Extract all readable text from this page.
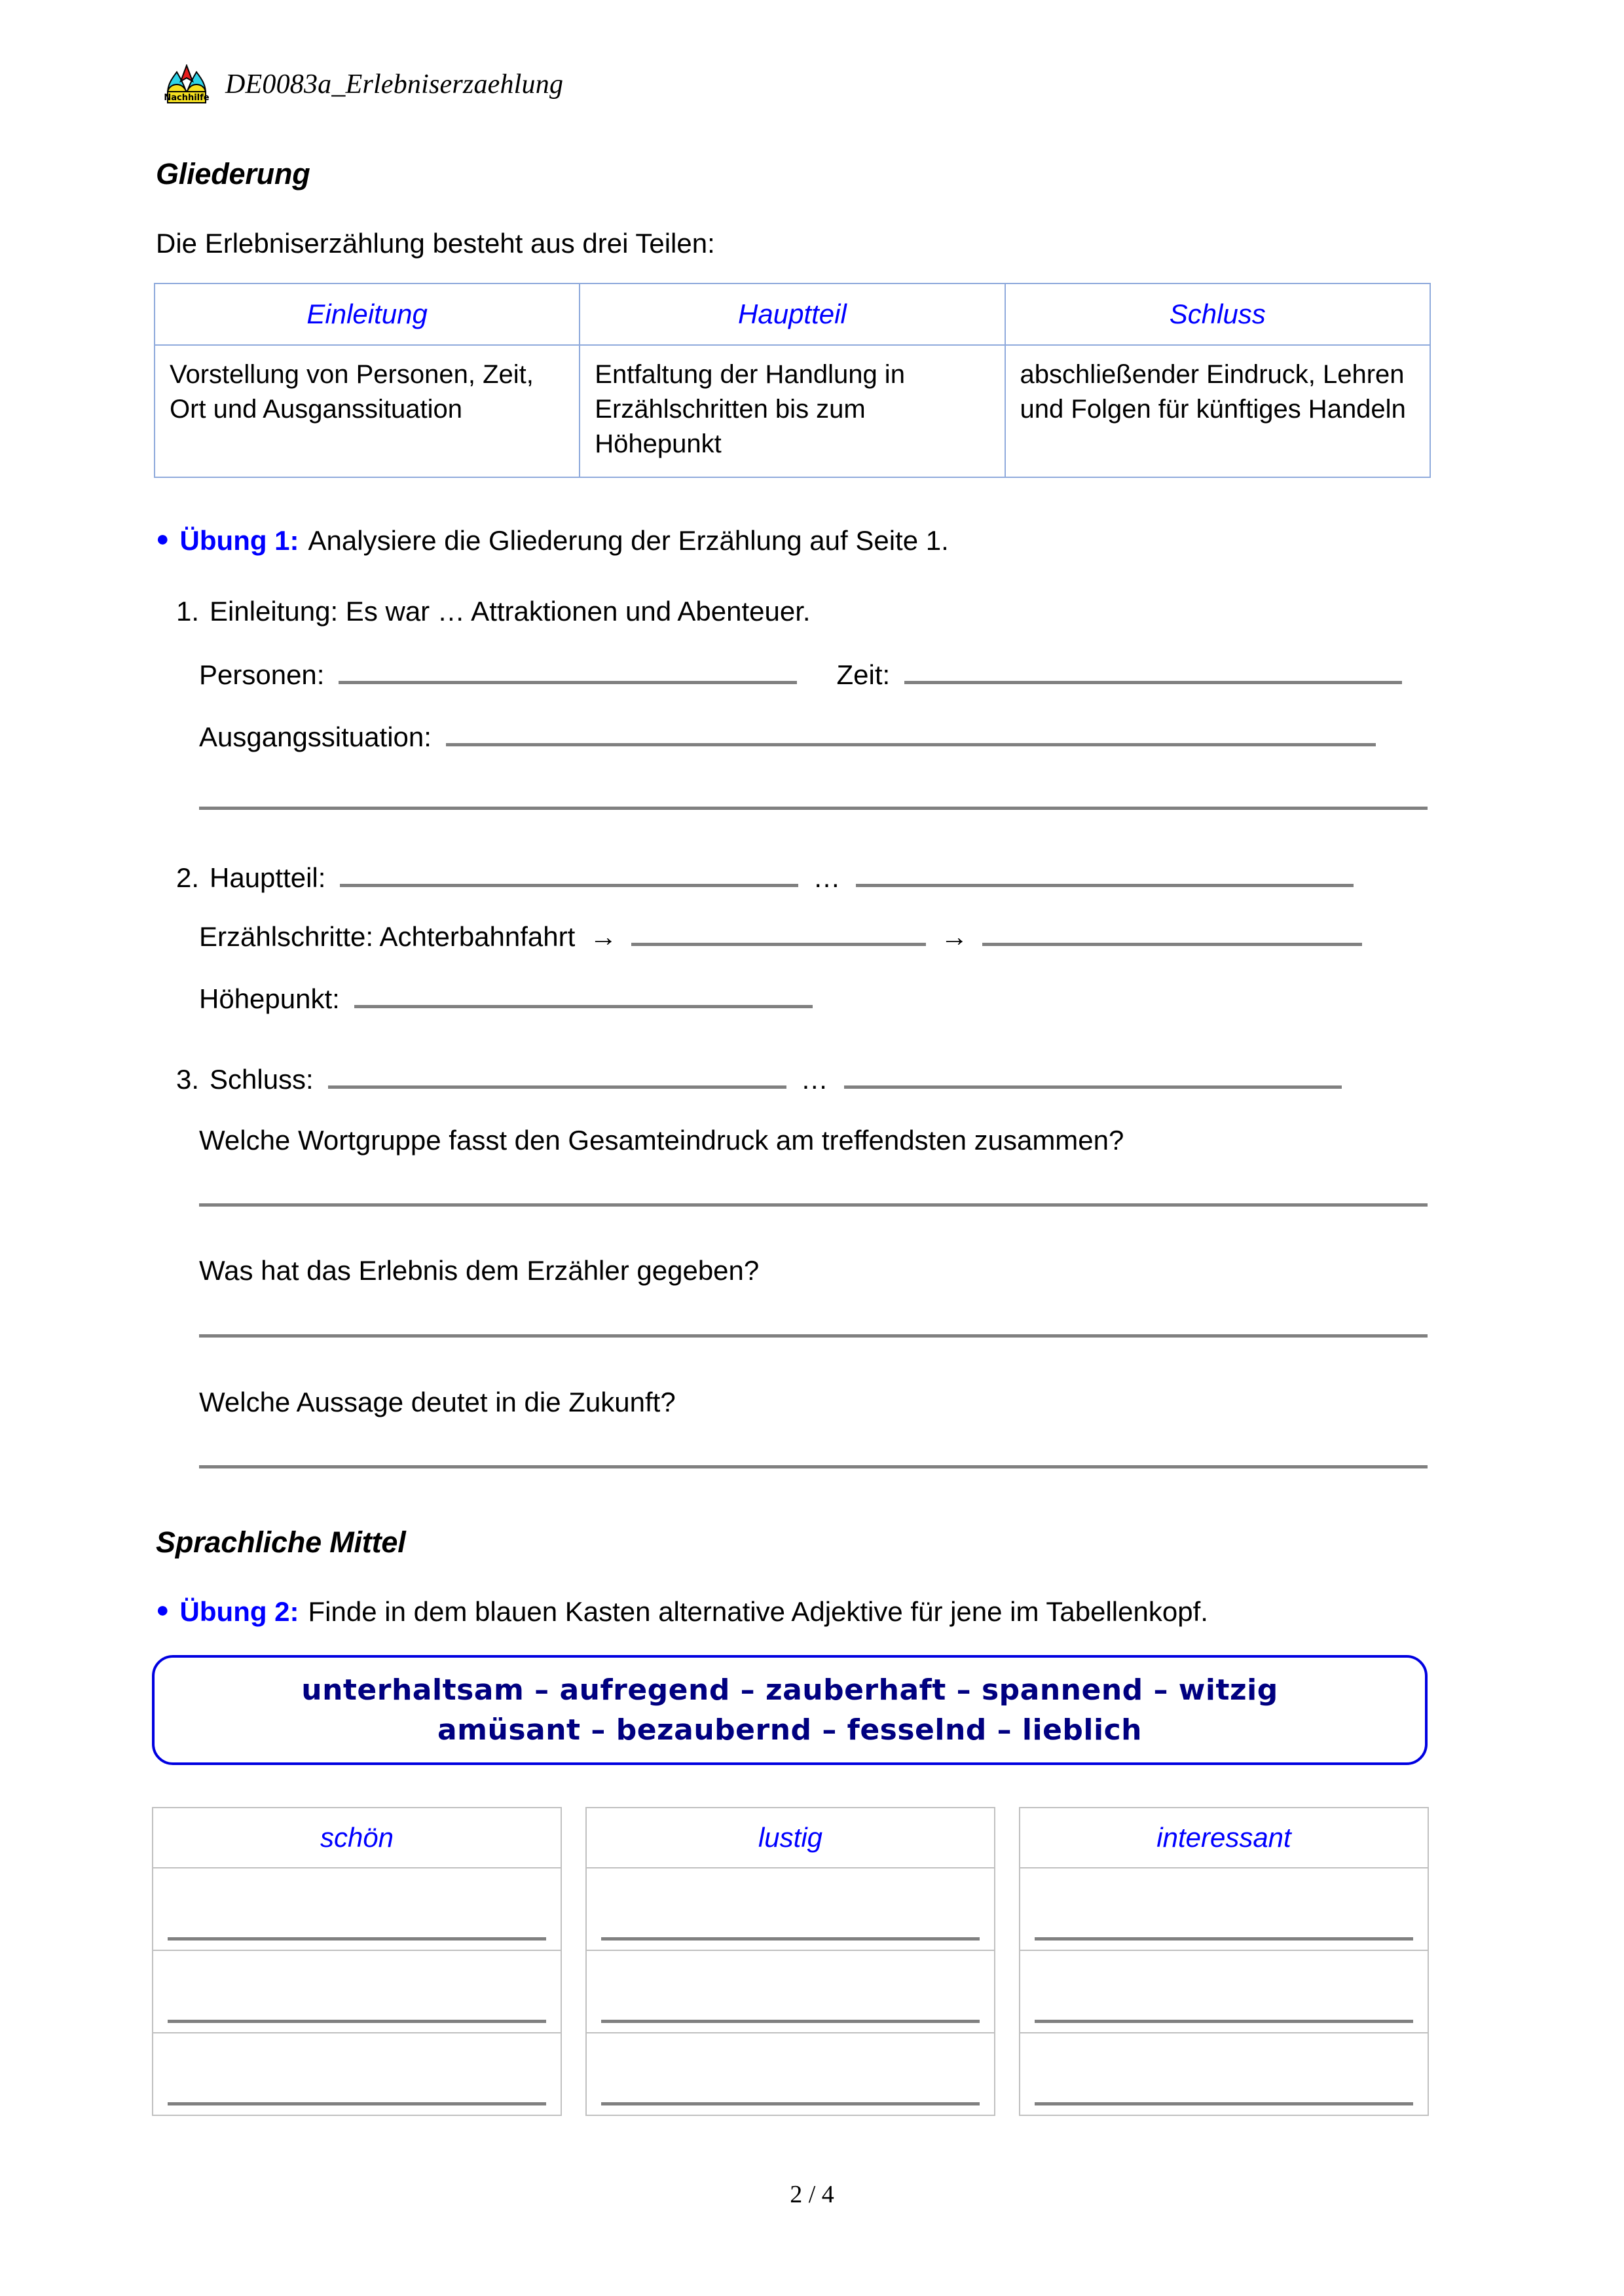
Nachhilfe DE0083a_Erlebniserzaehlung
Gliederung
Die Erlebniserzählung besteht aus drei Teilen:
Einleitung	Hauptteil	Schluss
Vorstellung von Personen, Zeit, Ort und Ausganssituation	Entfaltung der Handlung in Erzählschritten bis zum Höhepunkt	abschließender Eindruck, Lehren und Folgen für künftiges Handeln
● Übung 1: Analysiere die Gliederung der Erzählung auf Seite 1.
1. Einleitung: Es war … Attraktionen und Abenteuer.
Personen:	Zeit:
Ausgangssituation:
2. Hauptteil:	…
Erzählschritte: Achterbahnfahrt →	→
Höhepunkt:
3. Schluss:	…
Welche Wortgruppe fasst den Gesamteindruck am treffendsten zusammen?
Was hat das Erlebnis dem Erzähler gegeben?
Welche Aussage deutet in die Zukunft?
Sprachliche Mittel
● Übung 2: Finde in dem blauen Kasten alternative Adjektive für jene im Tabellenkopf.
unterhaltsam – aufregend – zauberhaft – spannend – witzig
amüsant – bezaubernd – fesselnd – lieblich
schön	lustig	interessant

2 / 4
